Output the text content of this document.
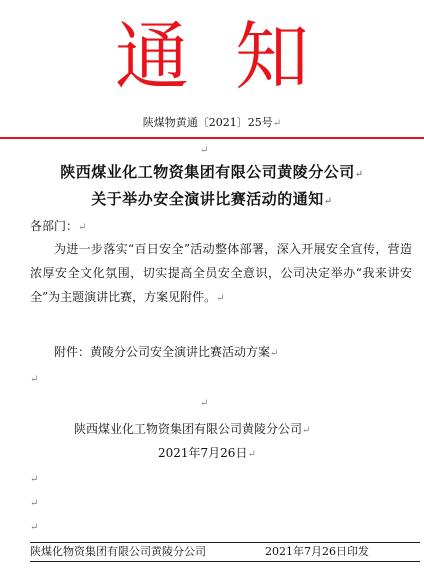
通知
陕煤物黄通〔2021〕25号↵
↵
陕西煤业化工物资集团有限公司黄陵分公司↵
关于举办安全演讲比赛活动的通知↵
各部门：↵
为进一步落实“百日安全”活动整体部署，深入开展安全宣传，营造浓厚安全文化氛围，切实提高全员安全意识，公司决定举办“我来讲安全”为主题演讲比赛，方案见附件。↵
附件：黄陵分公司安全演讲比赛活动方案↵
↵
↵
陕西煤业化工物资集团有限公司黄陵分公司↵
2021年7月26日↵
↵
↵
↵
陕煤化物资集团有限公司黄陵分公司	2021年7月26日印发
